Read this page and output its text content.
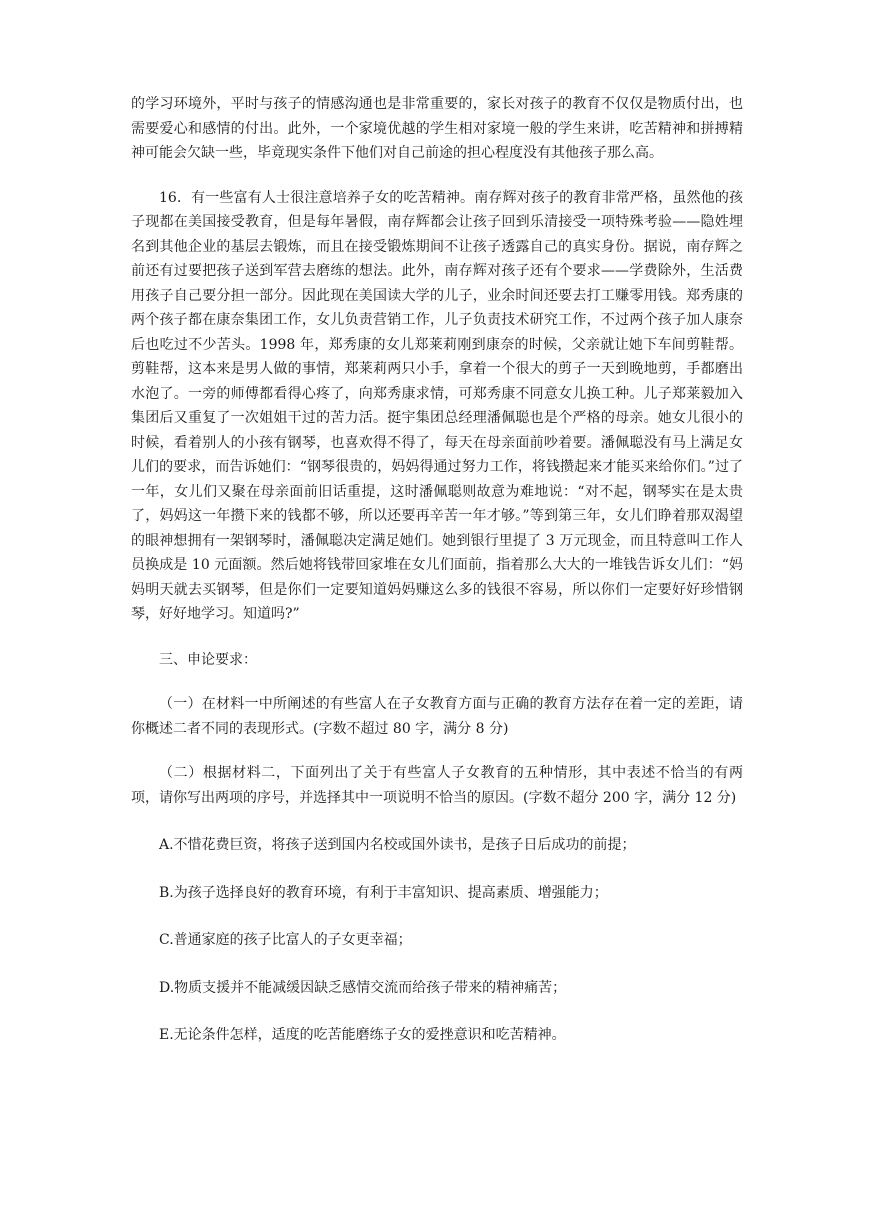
的学习环境外，平时与孩子的情感沟通也是非常重要的，家长对孩子的教育不仅仅是物质付出，也需要爱心和感情的付出。此外，一个家境优越的学生相对家境一般的学生来讲，吃苦精神和拼搏精神可能会欠缺一些，毕竟现实条件下他们对自己前途的担心程度没有其他孩子那么高。

16．有一些富有人士很注意培养子女的吃苦精神。南存辉对孩子的教育非常严格，虽然他的孩子现都在美国接受教育，但是每年暑假，南存辉都会让孩子回到乐清接受一项特殊考验——隐姓埋名到其他企业的基层去锻炼，而且在接受锻炼期间不让孩子透露自己的真实身份。据说，南存辉之前还有过要把孩子送到军营去磨练的想法。此外，南存辉对孩子还有个要求——学费除外，生活费用孩子自己要分担一部分。因此现在美国读大学的儿子，业余时间还要去打工赚零用钱。郑秀康的两个孩子都在康奈集团工作，女儿负责营销工作，儿子负责技术研究工作，不过两个孩子加人康奈后也吃过不少苦头。1998 年，郑秀康的女儿郑莱莉刚到康奈的时候，父亲就让她下车间剪鞋帮。剪鞋帮，这本来是男人做的事情，郑莱莉两只小手，拿着一个很大的剪子一天到晚地剪，手都磨出水泡了。一旁的师傅都看得心疼了，向郑秀康求情，可郑秀康不同意女儿换工种。儿子郑莱毅加入集团后又重复了一次姐姐干过的苦力活。挺宇集团总经理潘佩聪也是个严格的母亲。她女儿很小的时候，看着别人的小孩有钢琴，也喜欢得不得了，每天在母亲面前吵着要。潘佩聪没有马上满足女儿们的要求，而告诉她们：“钢琴很贵的，妈妈得通过努力工作，将钱攒起来才能买来给你们。”过了一年，女儿们又聚在母亲面前旧话重提，这时潘佩聪则故意为难地说：“对不起，钢琴实在是太贵了，妈妈这一年攒下来的钱都不够，所以还要再辛苦一年才够。”等到第三年，女儿们睁着那双渴望的眼神想拥有一架钢琴时，潘佩聪决定满足她们。她到银行里提了 3 万元现金，而且特意叫工作人员换成是 10 元面额。然后她将钱带回家堆在女儿们面前，指着那么大大的一堆钱告诉女儿们：“妈妈明天就去买钢琴，但是你们一定要知道妈妈赚这么多的钱很不容易，所以你们一定要好好珍惜钢琴，好好地学习。知道吗?”

三、申论要求：

（一）在材料一中所阐述的有些富人在子女教育方面与正确的教育方法存在着一定的差距，请你概述二者不同的表现形式。(字数不超过 80 字，满分 8 分)

（二）根据材料二，下面列出了关于有些富人子女教育的五种情形，其中表述不恰当的有两项，请你写出两项的序号，并选择其中一项说明不恰当的原因。(字数不超分 200 字，满分 12 分)

A.不惜花费巨资，将孩子送到国内名校或国外读书，是孩子日后成功的前提；

B.为孩子选择良好的教育环境，有利于丰富知识、提高素质、增强能力；

C.普通家庭的孩子比富人的子女更幸福；

D.物质支援并不能减缓因缺乏感情交流而给孩子带来的精神痛苦；

E.无论条件怎样，适度的吃苦能磨练子女的爱挫意识和吃苦精神。
